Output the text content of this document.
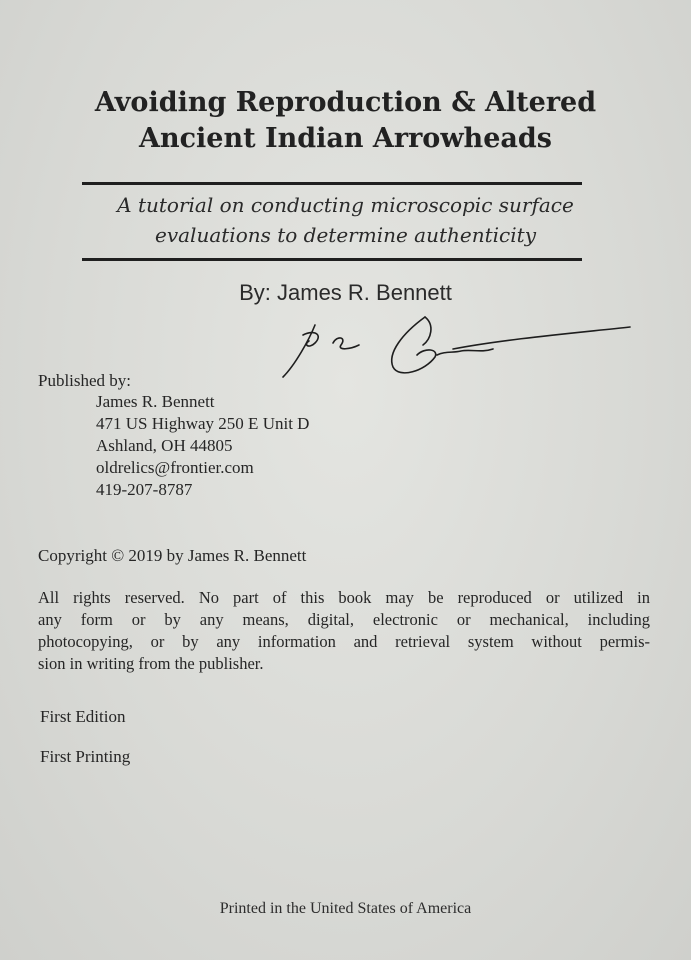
Avoiding Reproduction & Altered
Ancient Indian Arrowheads
A tutorial on conducting microscopic surface
evaluations to determine authenticity
By: James R. Bennett
Published by:
James R. Bennett
471 US Highway 250 E Unit D
Ashland, OH 44805
oldrelics@frontier.com
419-207-8787
Copyright © 2019 by James R. Bennett
All rights reserved. No part of this book may be reproduced or utilized in
any form or by any means, digital, electronic or mechanical, including
photocopying, or by any information and retrieval system without permis-
sion in writing from the publisher.
First Edition
First Printing
Printed in the United States of America
